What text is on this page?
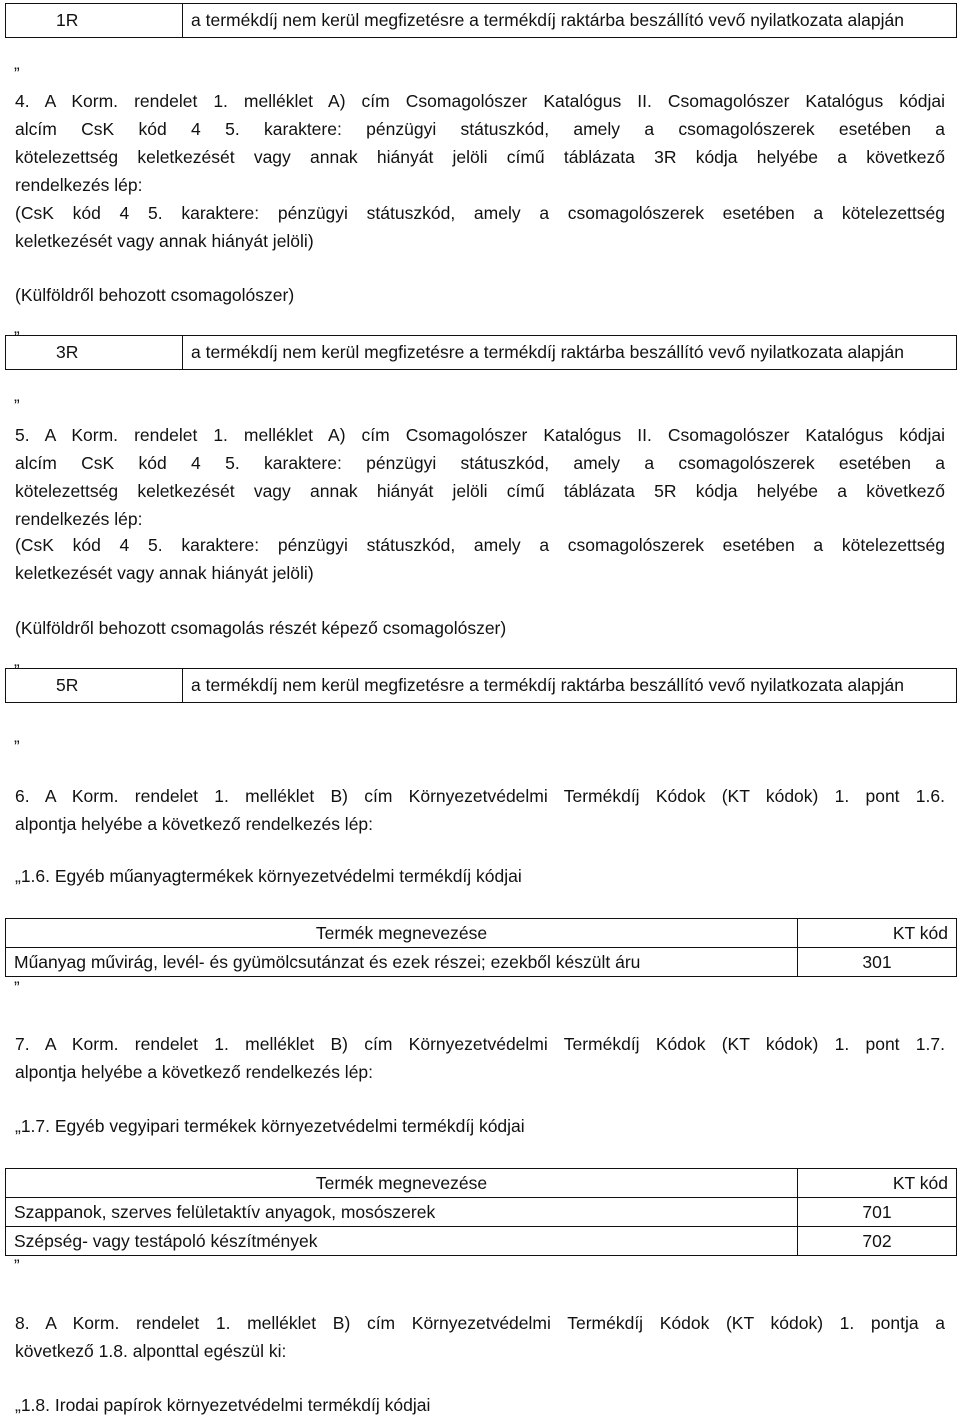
1R	a termékdíj nem kerül megfizetésre a termékdíj raktárba beszállító vevő nyilatkozata alapján
”
4. A Korm. rendelet 1. melléklet A) cím Csomagolószer Katalógus II. Csomagolószer Katalógus kódjai
alcím CsK kód 4 5. karaktere: pénzügyi státuszkód, amely a csomagolószerek esetében a
kötelezettség keletkezését vagy annak hiányát jelöli című táblázata 3R kódja helyébe a következő
rendelkezés lép:
(CsK kód 4 5. karaktere: pénzügyi státuszkód, amely a csomagolószerek esetében a kötelezettség
keletkezését vagy annak hiányát jelöli)
(Külföldről behozott csomagolószer)
„
3R	a termékdíj nem kerül megfizetésre a termékdíj raktárba beszállító vevő nyilatkozata alapján
”
5. A Korm. rendelet 1. melléklet A) cím Csomagolószer Katalógus II. Csomagolószer Katalógus kódjai
alcím CsK kód 4 5. karaktere: pénzügyi státuszkód, amely a csomagolószerek esetében a
kötelezettség keletkezését vagy annak hiányát jelöli című táblázata 5R kódja helyébe a következő
rendelkezés lép:
(CsK kód 4 5. karaktere: pénzügyi státuszkód, amely a csomagolószerek esetében a kötelezettség
keletkezését vagy annak hiányát jelöli)
(Külföldről behozott csomagolás részét képező csomagolószer)
„
5R	a termékdíj nem kerül megfizetésre a termékdíj raktárba beszállító vevő nyilatkozata alapján
”
6. A Korm. rendelet 1. melléklet B) cím Környezetvédelmi Termékdíj Kódok (KT kódok) 1. pont 1.6.
alpontja helyébe a következő rendelkezés lép:
„1.6. Egyéb műanyagtermékek környezetvédelmi termékdíj kódjai
Termék megnevezése	KT kód
Műanyag művirág, levél- és gyümölcsutánzat és ezek részei; ezekből készült áru	301
”
7. A Korm. rendelet 1. melléklet B) cím Környezetvédelmi Termékdíj Kódok (KT kódok) 1. pont 1.7.
alpontja helyébe a következő rendelkezés lép:
„1.7. Egyéb vegyipari termékek környezetvédelmi termékdíj kódjai
Termék megnevezése	KT kód
Szappanok, szerves felületaktív anyagok, mosószerek	701
Szépség- vagy testápoló készítmények	702
”
8. A Korm. rendelet 1. melléklet B) cím Környezetvédelmi Termékdíj Kódok (KT kódok) 1. pontja a
következő 1.8. alponttal egészül ki:
„1.8. Irodai papírok környezetvédelmi termékdíj kódjai
